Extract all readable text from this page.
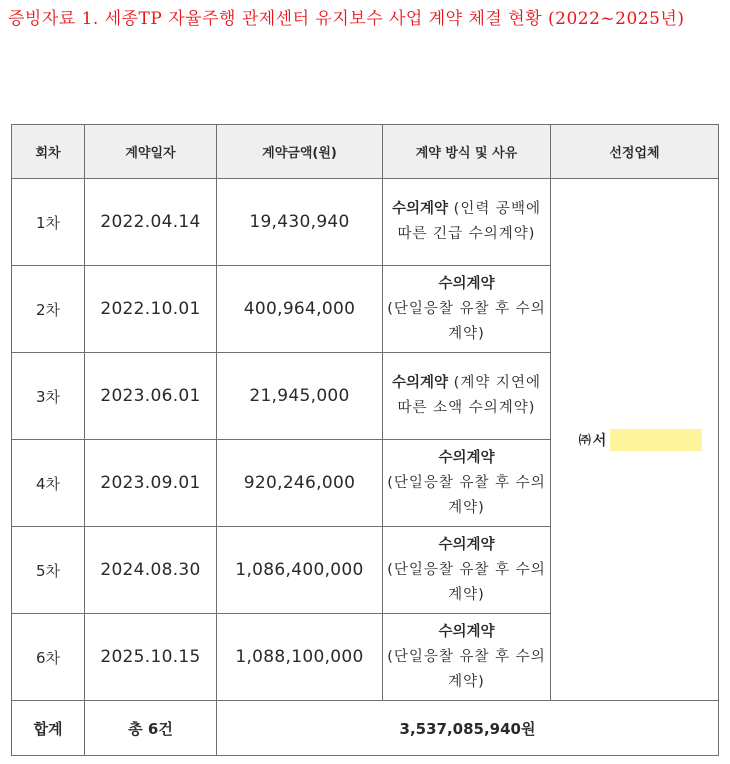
증빙자료 1. 세종TP 자율주행 관제센터 유지보수 사업 계약 체결 현황 (2022~2025년)
회차	계약일자	계약금액(원)	계약 방식 및 사유	선정업체
1차	2022.04.14	19,430,940	수의계약 (인력 공백에 따른 긴급 수의계약)	㈜ 서

2차	2022.10.01	400,964,000	수의계약
(단일응찰 유찰 후 수의계약)	
3차	2023.06.01	21,945,000	수의계약 (계약 지연에 따른 소액 수의계약)	
4차	2023.09.01	920,246,000	수의계약
(단일응찰 유찰 후 수의계약)	
5차	2024.08.30	1,086,400,000	수의계약
(단일응찰 유찰 후 수의계약)	
6차	2025.10.15	1,088,100,000	수의계약
(단일응찰 유찰 후 수의계약)	
합계	총 6건	3,537,085,940원		
